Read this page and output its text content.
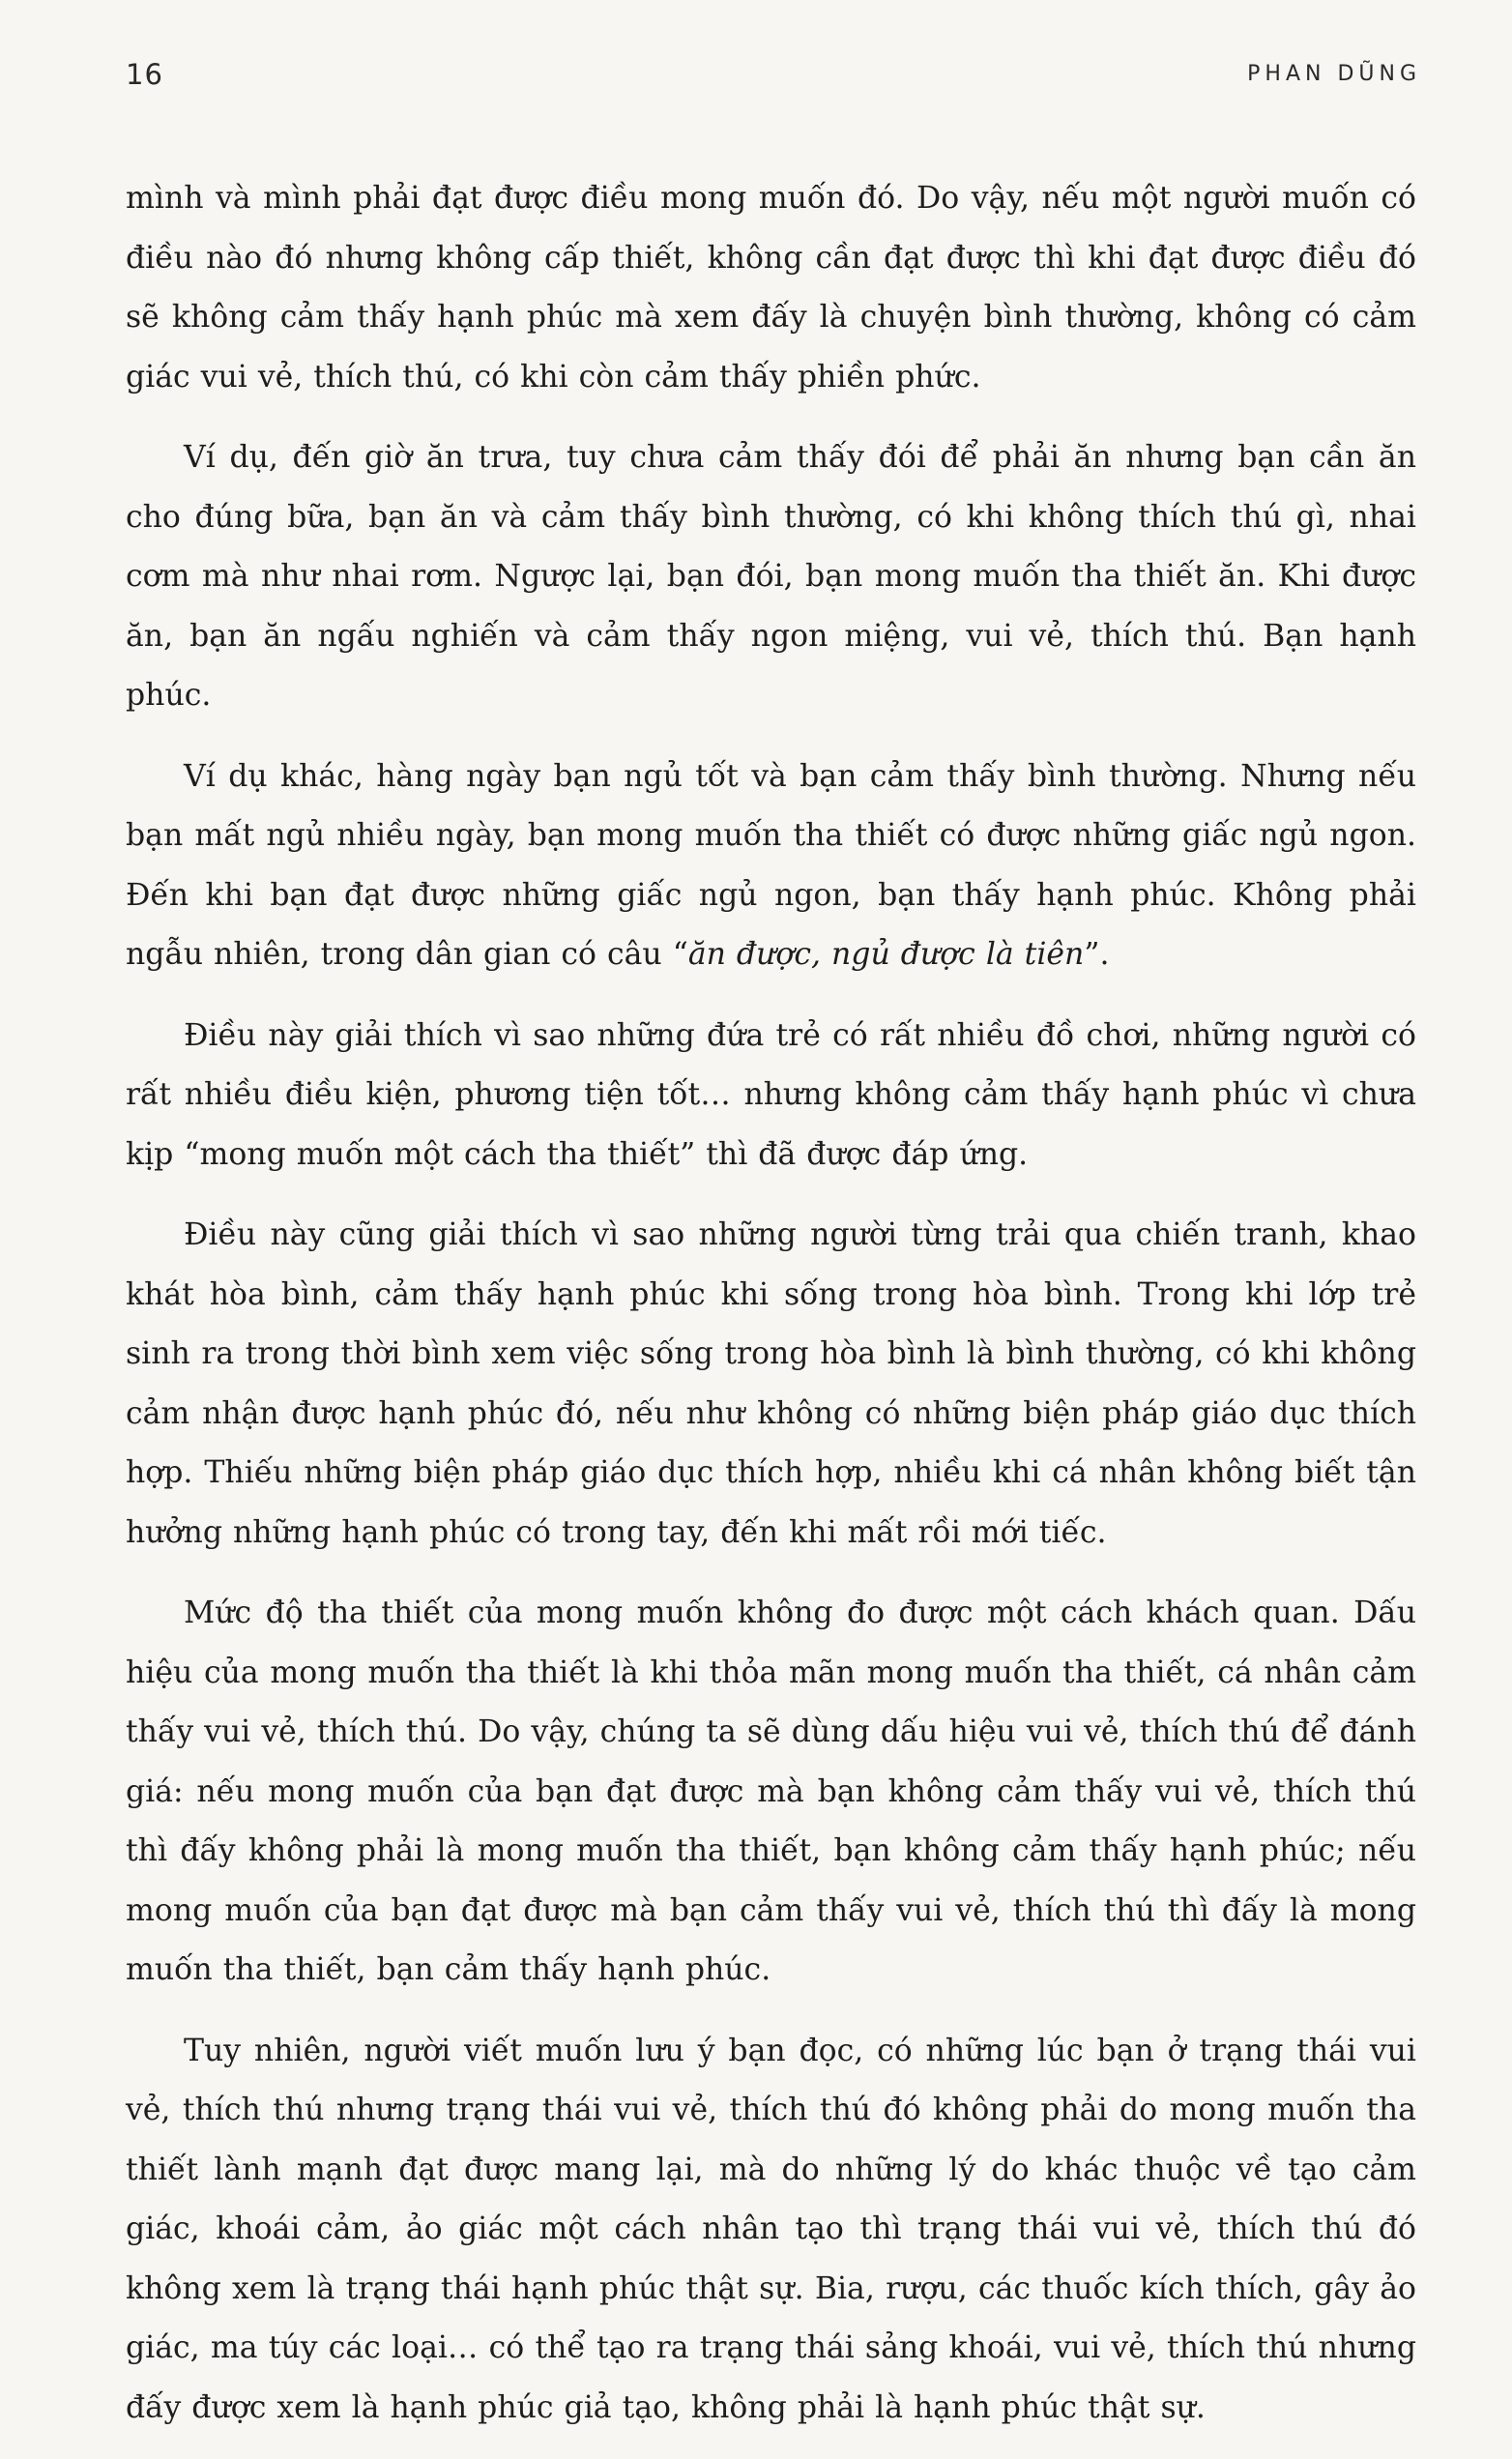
16	PHAN DŨNG

mình và mình phải đạt được điều mong muốn đó. Do vậy, nếu một người muốn có điều nào đó nhưng không cấp thiết, không cần đạt được thì khi đạt được điều đó sẽ không cảm thấy hạnh phúc mà xem đấy là chuyện bình thường, không có cảm giác vui vẻ, thích thú, có khi còn cảm thấy phiền phức.

Ví dụ, đến giờ ăn trưa, tuy chưa cảm thấy đói để phải ăn nhưng bạn cần ăn cho đúng bữa, bạn ăn và cảm thấy bình thường, có khi không thích thú gì, nhai cơm mà như nhai rơm. Ngược lại, bạn đói, bạn mong muốn tha thiết ăn. Khi được ăn, bạn ăn ngấu nghiến và cảm thấy ngon miệng, vui vẻ, thích thú. Bạn hạnh phúc.

Ví dụ khác, hàng ngày bạn ngủ tốt và bạn cảm thấy bình thường. Nhưng nếu bạn mất ngủ nhiều ngày, bạn mong muốn tha thiết có được những giấc ngủ ngon. Đến khi bạn đạt được những giấc ngủ ngon, bạn thấy hạnh phúc. Không phải ngẫu nhiên, trong dân gian có câu “ăn được, ngủ được là tiên”.

Điều này giải thích vì sao những đứa trẻ có rất nhiều đồ chơi, những người có rất nhiều điều kiện, phương tiện tốt… nhưng không cảm thấy hạnh phúc vì chưa kịp “mong muốn một cách tha thiết” thì đã được đáp ứng.

Điều này cũng giải thích vì sao những người từng trải qua chiến tranh, khao khát hòa bình, cảm thấy hạnh phúc khi sống trong hòa bình. Trong khi lớp trẻ sinh ra trong thời bình xem việc sống trong hòa bình là bình thường, có khi không cảm nhận được hạnh phúc đó, nếu như không có những biện pháp giáo dục thích hợp. Thiếu những biện pháp giáo dục thích hợp, nhiều khi cá nhân không biết tận hưởng những hạnh phúc có trong tay, đến khi mất rồi mới tiếc.

Mức độ tha thiết của mong muốn không đo được một cách khách quan. Dấu hiệu của mong muốn tha thiết là khi thỏa mãn mong muốn tha thiết, cá nhân cảm thấy vui vẻ, thích thú. Do vậy, chúng ta sẽ dùng dấu hiệu vui vẻ, thích thú để đánh giá: nếu mong muốn của bạn đạt được mà bạn không cảm thấy vui vẻ, thích thú thì đấy không phải là mong muốn tha thiết, bạn không cảm thấy hạnh phúc; nếu mong muốn của bạn đạt được mà bạn cảm thấy vui vẻ, thích thú thì đấy là mong muốn tha thiết, bạn cảm thấy hạnh phúc.

Tuy nhiên, người viết muốn lưu ý bạn đọc, có những lúc bạn ở trạng thái vui vẻ, thích thú nhưng trạng thái vui vẻ, thích thú đó không phải do mong muốn tha thiết lành mạnh đạt được mang lại, mà do những lý do khác thuộc về tạo cảm giác, khoái cảm, ảo giác một cách nhân tạo thì trạng thái vui vẻ, thích thú đó không xem là trạng thái hạnh phúc thật sự. Bia, rượu, các thuốc kích thích, gây ảo giác, ma túy các loại… có thể tạo ra trạng thái sảng khoái, vui vẻ, thích thú nhưng đấy được xem là hạnh phúc giả tạo, không phải là hạnh phúc thật sự.
